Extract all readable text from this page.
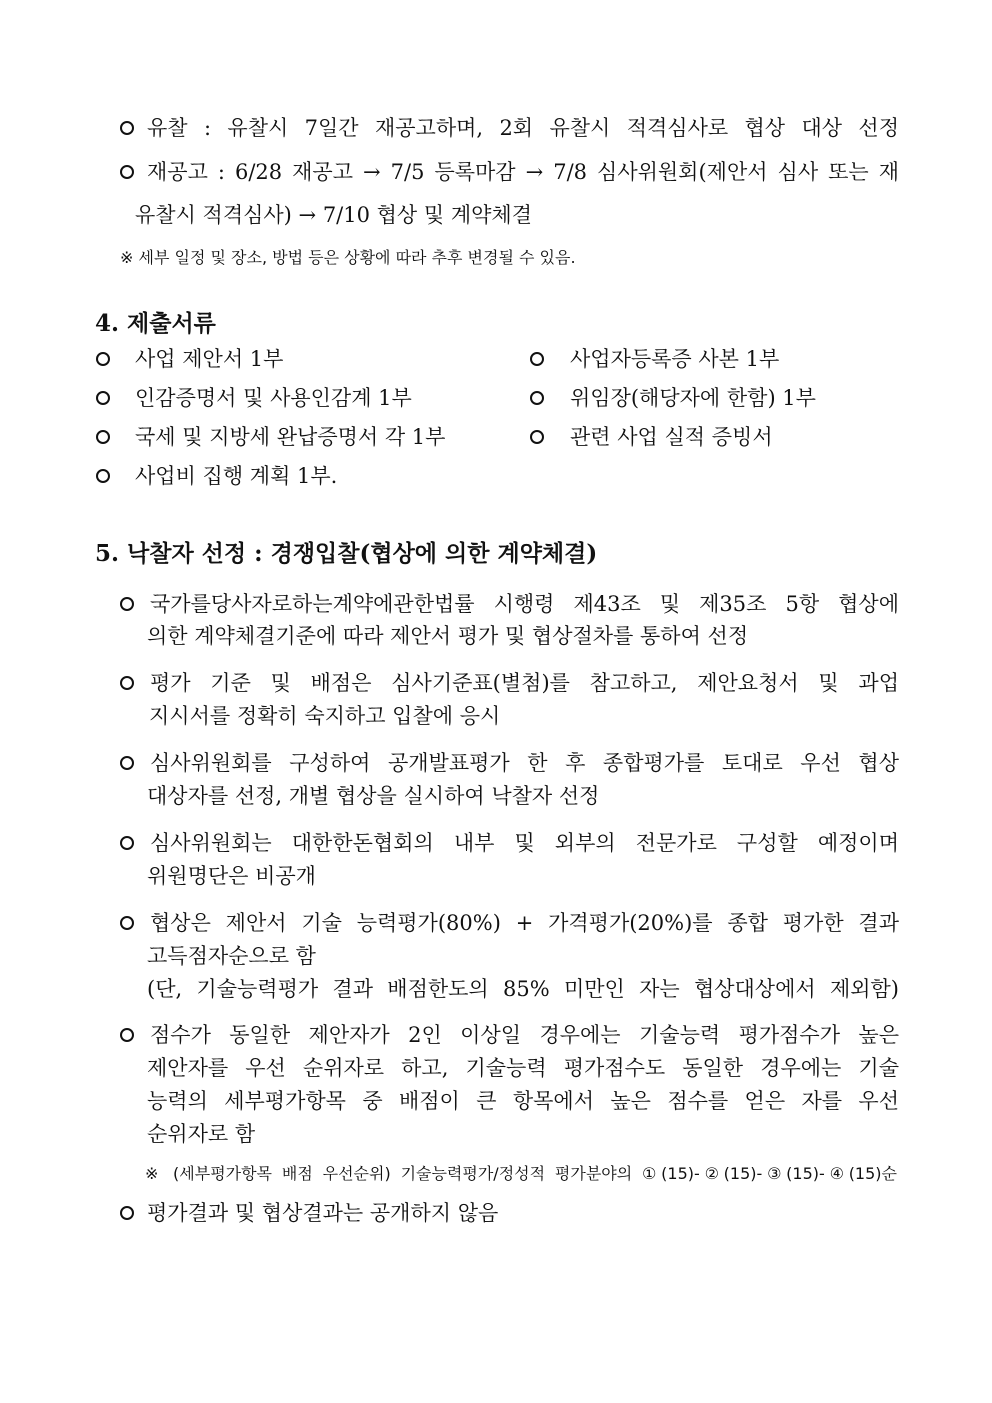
유찰 : 유찰시 7일간 재공고하며, 2회 유찰시 적격심사로 협상 대상 선정
재공고 : 6/28 재공고 → 7/5 등록마감 → 7/8 심사위원회(제안서 심사 또는 재
유찰시 적격심사) → 7/10 협상 및 계약체결
※ 세부 일정 및 장소, 방법 등은 상황에 따라 추후 변경될 수 있음.
4. 제출서류
사업 제안서 1부	사업자등록증 사본 1부
인감증명서 및 사용인감계 1부	위임장(해당자에 한함) 1부
국세 및 지방세 완납증명서 각 1부	관련 사업 실적 증빙서
사업비 집행 계획 1부.
5. 낙찰자 선정 : 경쟁입찰(협상에 의한 계약체결)
국가를당사자로하는계약에관한법률 시행령 제43조 및 제35조 5항 협상에
의한 계약체결기준에 따라 제안서 평가 및 협상절차를 통하여 선정
평가 기준 및 배점은 심사기준표(별첨)를 참고하고, 제안요청서 및 과업
지시서를 정확히 숙지하고 입찰에 응시
심사위원회를 구성하여 공개발표평가 한 후 종합평가를 토대로 우선 협상
대상자를 선정, 개별 협상을 실시하여 낙찰자 선정
심사위원회는 대한한돈협회의 내부 및 외부의 전문가로 구성할 예정이며
위원명단은 비공개
협상은 제안서 기술 능력평가(80%) + 가격평가(20%)를 종합 평가한 결과
고득점자순으로 함
(단, 기술능력평가 결과 배점한도의 85% 미만인 자는 협상대상에서 제외함)
점수가 동일한 제안자가 2인 이상일 경우에는 기술능력 평가점수가 높은
제안자를 우선 순위자로 하고, 기술능력 평가점수도 동일한 경우에는 기술
능력의 세부평가항목 중 배점이 큰 항목에서 높은 점수를 얻은 자를 우선
순위자로 함
※ (세부평가항목 배점 우선순위) 기술능력평가/정성적 평가분야의 ①(15)-②(15)-③(15)-④(15)순
평가결과 및 협상결과는 공개하지 않음
